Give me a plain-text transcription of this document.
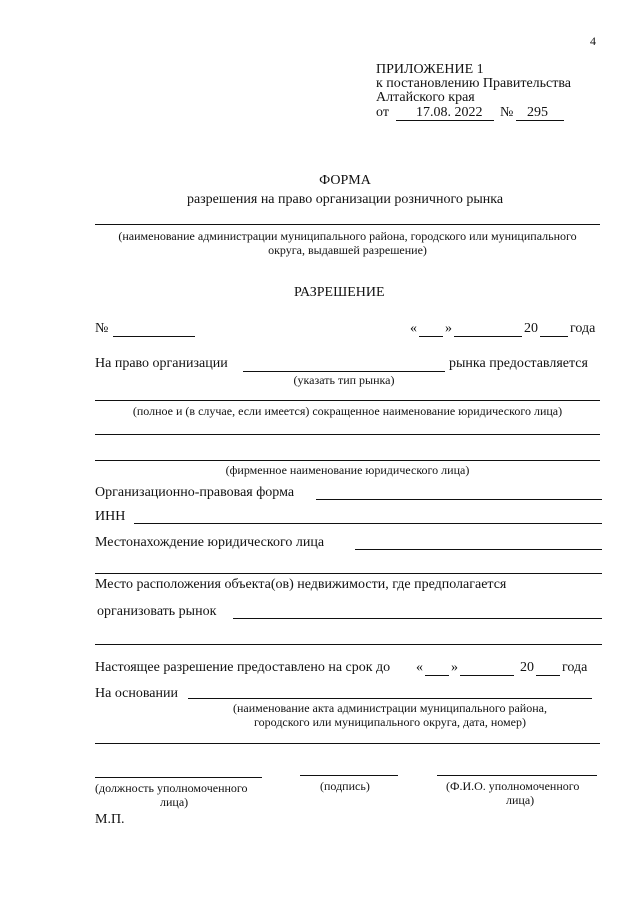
4
ПРИЛОЖЕНИЕ 1
к постановлению Правительства
Алтайского края
от 17.08. 2022 № 295
ФОРМА
разрешения на право организации розничного рынка
(наименование администрации муниципального района, городского или муниципального
округа, выдавшей разрешение)
РАЗРЕШЕНИЕ
№	« »	20 года
На право организации	рынка предоставляется
(указать тип рынка)
(полное и (в случае, если имеется) сокращенное наименование юридического лица)
(фирменное наименование юридического лица)
Организационно-правовая форма
ИНН
Местонахождение юридического лица
Место расположения объекта(ов) недвижимости, где предполагается
организовать рынок
Настоящее разрешение предоставлено на срок до « »	20 года
На основании
(наименование акта администрации муниципального района,
городского или муниципального округа, дата, номер)
(должность уполномоченного
лица)
(подпись)	(Ф.И.О. уполномоченного
лица)
М.П.
